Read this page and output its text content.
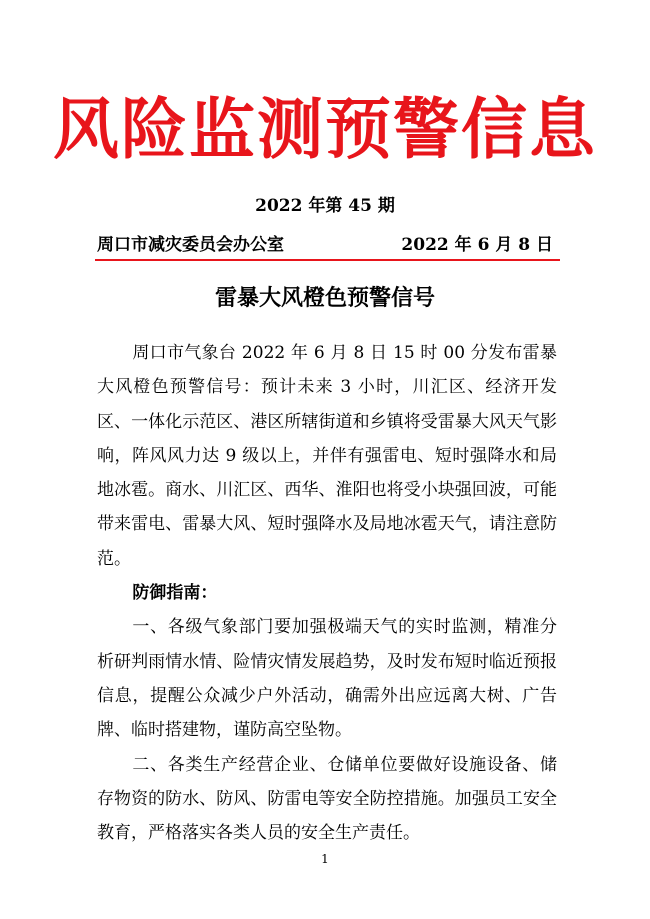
风险监测预警信息
2022 年第 45 期
周口市减灾委员会办公室	2022 年 6 月 8 日
雷暴大风橙色预警信号

周口市气象台 2022 年 6 月 8 日 15 时 00 分发布雷暴大风橙色预警信号：预计未来 3 小时，川汇区、经济开发区、一体化示范区、港区所辖街道和乡镇将受雷暴大风天气影响，阵风风力达 9 级以上，并伴有强雷电、短时强降水和局地冰雹。商水、川汇区、西华、淮阳也将受小块强回波，可能带来雷电、雷暴大风、短时强降水及局地冰雹天气，请注意防范。

防御指南：

一、各级气象部门要加强极端天气的实时监测，精准分析研判雨情水情、险情灾情发展趋势，及时发布短时临近预报信息，提醒公众减少户外活动，确需外出应远离大树、广告牌、临时搭建物，谨防高空坠物。

二、各类生产经营企业、仓储单位要做好设施设备、储存物资的防水、防风、防雷电等安全防控措施。加强员工安全教育，严格落实各类人员的安全生产责任。

1
